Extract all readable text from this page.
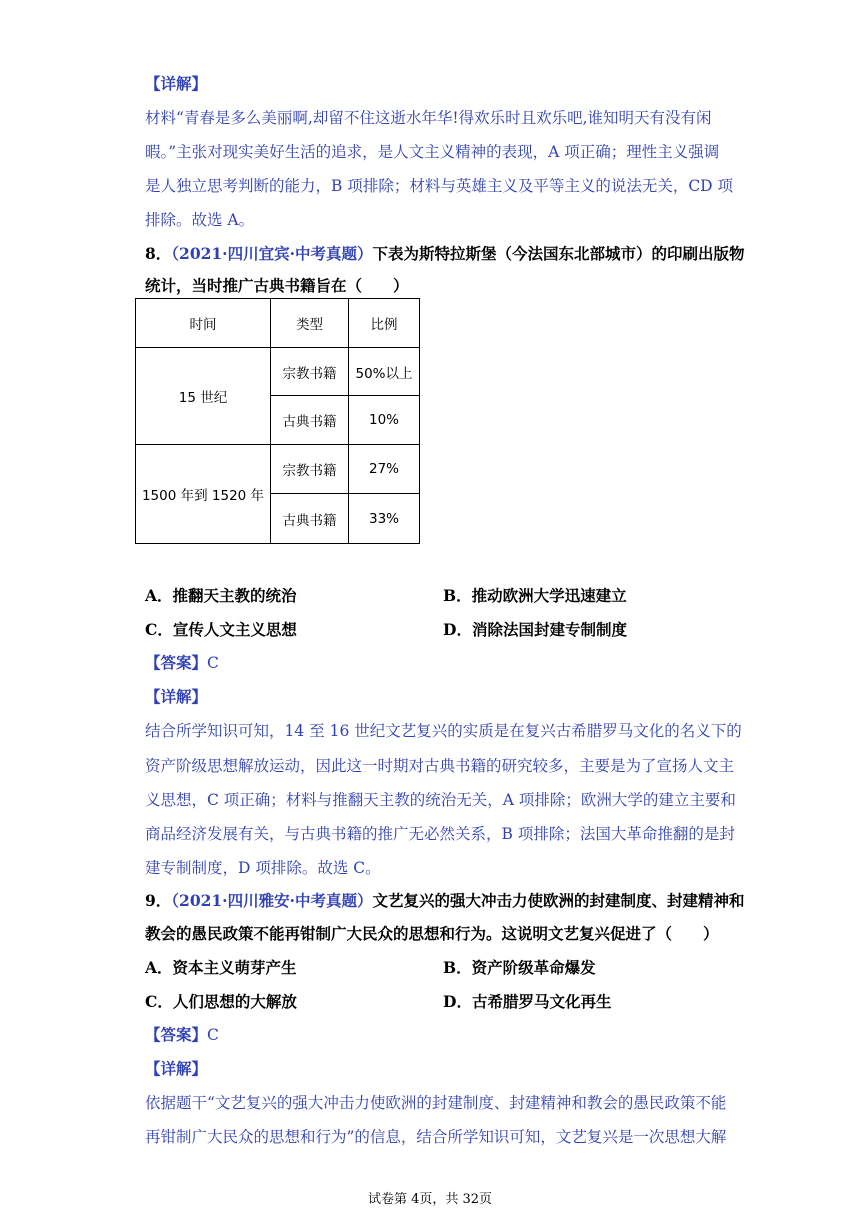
【详解】
材料“青春是多么美丽啊,却留不住这逝水年华!得欢乐时且欢乐吧,谁知明天有没有闲
暇。”主张对现实美好生活的追求，是人文主义精神的表现，A 项正确；理性主义强调
是人独立思考判断的能力，B 项排除；材料与英雄主义及平等主义的说法无关，CD 项
排除。故选 A。
8．（2021·四川宜宾·中考真题）下表为斯特拉斯堡（今法国东北部城市）的印刷出版物
统计，当时推广古典书籍旨在（　　）
时间	类型	比例
15 世纪	宗教书籍	50%以上
	古典书籍	10%
1500 年到 1520 年	宗教书籍	27%
	古典书籍	33%
A．推翻天主教的统治	B．推动欧洲大学迅速建立
C．宣传人文主义思想	D．消除法国封建专制制度
【答案】C
【详解】
结合所学知识可知，14 至 16 世纪文艺复兴的实质是在复兴古希腊罗马文化的名义下的
资产阶级思想解放运动，因此这一时期对古典书籍的研究较多，主要是为了宣扬人文主
义思想，C 项正确；材料与推翻天主教的统治无关，A 项排除；欧洲大学的建立主要和
商品经济发展有关，与古典书籍的推广无必然关系，B 项排除；法国大革命推翻的是封
建专制制度，D 项排除。故选 C。
9．（2021·四川雅安·中考真题）文艺复兴的强大冲击力使欧洲的封建制度、封建精神和
教会的愚民政策不能再钳制广大民众的思想和行为。这说明文艺复兴促进了（　　）
A．资本主义萌芽产生	B．资产阶级革命爆发
C．人们思想的大解放	D．古希腊罗马文化再生
【答案】C
【详解】
依据题干“文艺复兴的强大冲击力使欧洲的封建制度、封建精神和教会的愚民政策不能
再钳制广大民众的思想和行为”的信息，结合所学知识可知，文艺复兴是一次思想大解
试卷第 4页，共 32页
